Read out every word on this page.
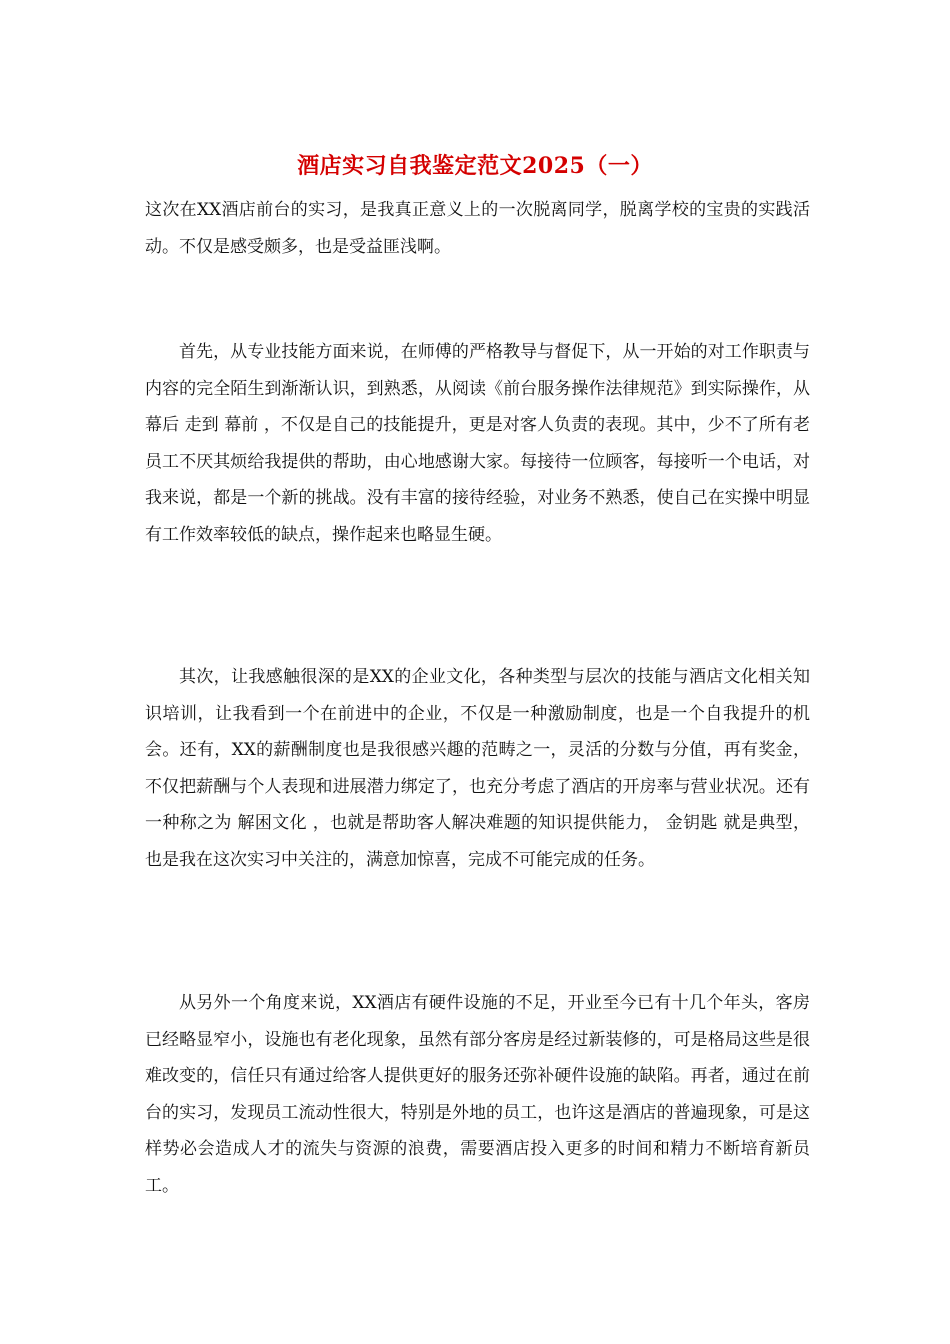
酒店实习自我鉴定范文2025（一）

这次在XX酒店前台的实习，是我真正意义上的一次脱离同学，脱离学校的宝贵的实践活动。不仅是感受颇多，也是受益匪浅啊。

首先，从专业技能方面来说，在师傅的严格教导与督促下，从一开始的对工作职责与内容的完全陌生到渐渐认识，到熟悉，从阅读《前台服务操作法律规范》到实际操作，从 幕后 走到 幕前 ，不仅是自己的技能提升，更是对客人负责的表现。其中，少不了所有老员工不厌其烦给我提供的帮助，由心地感谢大家。每接待一位顾客，每接听一个电话，对我来说，都是一个新的挑战。没有丰富的接待经验，对业务不熟悉，使自己在实操中明显有工作效率较低的缺点，操作起来也略显生硬。

其次，让我感触很深的是XX的企业文化，各种类型与层次的技能与酒店文化相关知识培训，让我看到一个在前进中的企业，不仅是一种激励制度，也是一个自我提升的机会。还有，XX的薪酬制度也是我很感兴趣的范畴之一，灵活的分数与分值，再有奖金，不仅把薪酬与个人表现和进展潜力绑定了，也充分考虑了酒店的开房率与营业状况。还有一种称之为 解困文化 ，也就是帮助客人解决难题的知识提供能力， 金钥匙 就是典型，也是我在这次实习中关注的，满意加惊喜，完成不可能完成的任务。

从另外一个角度来说，XX酒店有硬件设施的不足，开业至今已有十几个年头，客房已经略显窄小，设施也有老化现象，虽然有部分客房是经过新装修的，可是格局这些是很难改变的，信任只有通过给客人提供更好的服务还弥补硬件设施的缺陷。再者，通过在前台的实习，发现员工流动性很大，特别是外地的员工，也许这是酒店的普遍现象，可是这样势必会造成人才的流失与资源的浪费，需要酒店投入更多的时间和精力不断培育新员工。
